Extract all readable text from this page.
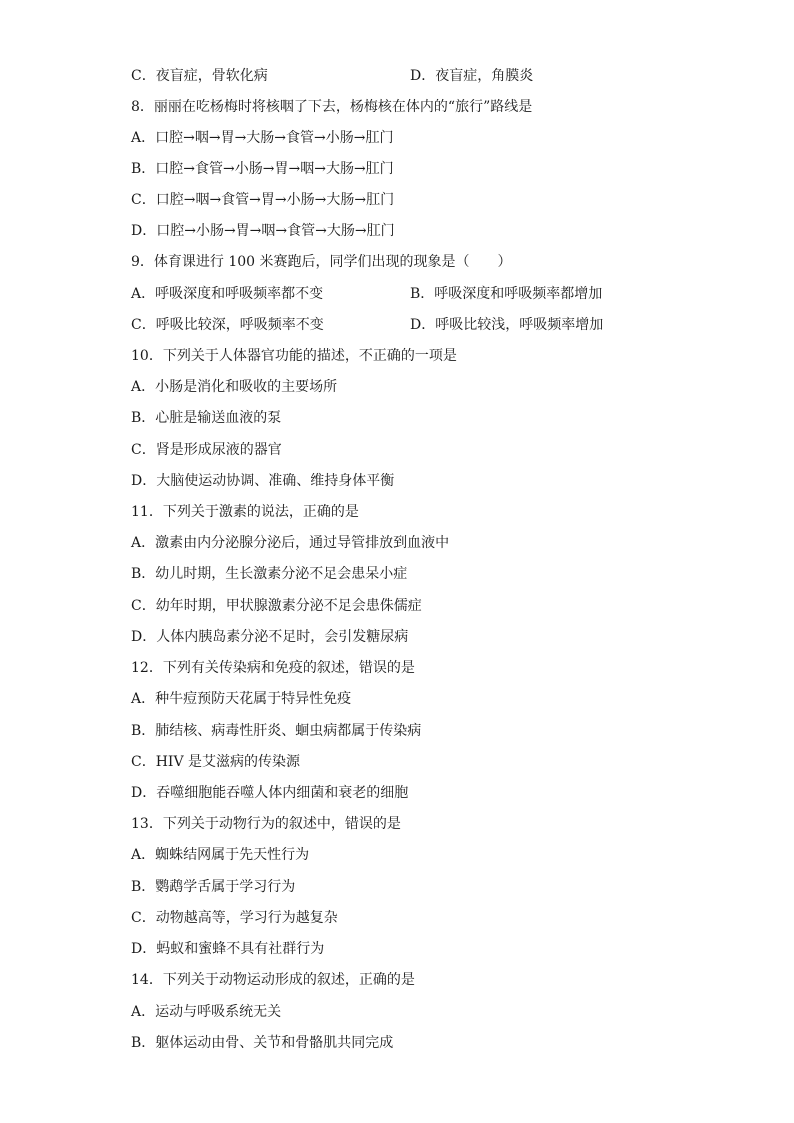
C．夜盲症，骨软化病	D．夜盲症，角膜炎
8．丽丽在吃杨梅时将核咽了下去，杨梅核在体内的“旅行”路线是
A．口腔→咽→胃→大肠→食管→小肠→肛门
B．口腔→食管→小肠→胃→咽→大肠→肛门
C．口腔→咽→食管→胃→小肠→大肠→肛门
D．口腔→小肠→胃→咽→食管→大肠→肛门
9．体育课进行 100 米赛跑后，同学们出现的现象是（　　）
A．呼吸深度和呼吸频率都不变	B．呼吸深度和呼吸频率都增加
C．呼吸比较深，呼吸频率不变	D．呼吸比较浅，呼吸频率增加
10．下列关于人体器官功能的描述，不正确的一项是
A．小肠是消化和吸收的主要场所
B．心脏是输送血液的泵
C．肾是形成尿液的器官
D．大脑使运动协调、准确、维持身体平衡
11．下列关于激素的说法，正确的是
A．激素由内分泌腺分泌后，通过导管排放到血液中
B．幼儿时期，生长激素分泌不足会患呆小症
C．幼年时期，甲状腺激素分泌不足会患侏儒症
D．人体内胰岛素分泌不足时，会引发糖尿病
12．下列有关传染病和免疫的叙述，错误的是
A．种牛痘预防天花属于特异性免疫
B．肺结核、病毒性肝炎、蛔虫病都属于传染病
C．HIV 是艾滋病的传染源
D．吞噬细胞能吞噬人体内细菌和衰老的细胞
13．下列关于动物行为的叙述中，错误的是
A．蜘蛛结网属于先天性行为
B．鹦鹉学舌属于学习行为
C．动物越高等，学习行为越复杂
D．蚂蚁和蜜蜂不具有社群行为
14．下列关于动物运动形成的叙述，正确的是
A．运动与呼吸系统无关
B．躯体运动由骨、关节和骨骼肌共同完成
